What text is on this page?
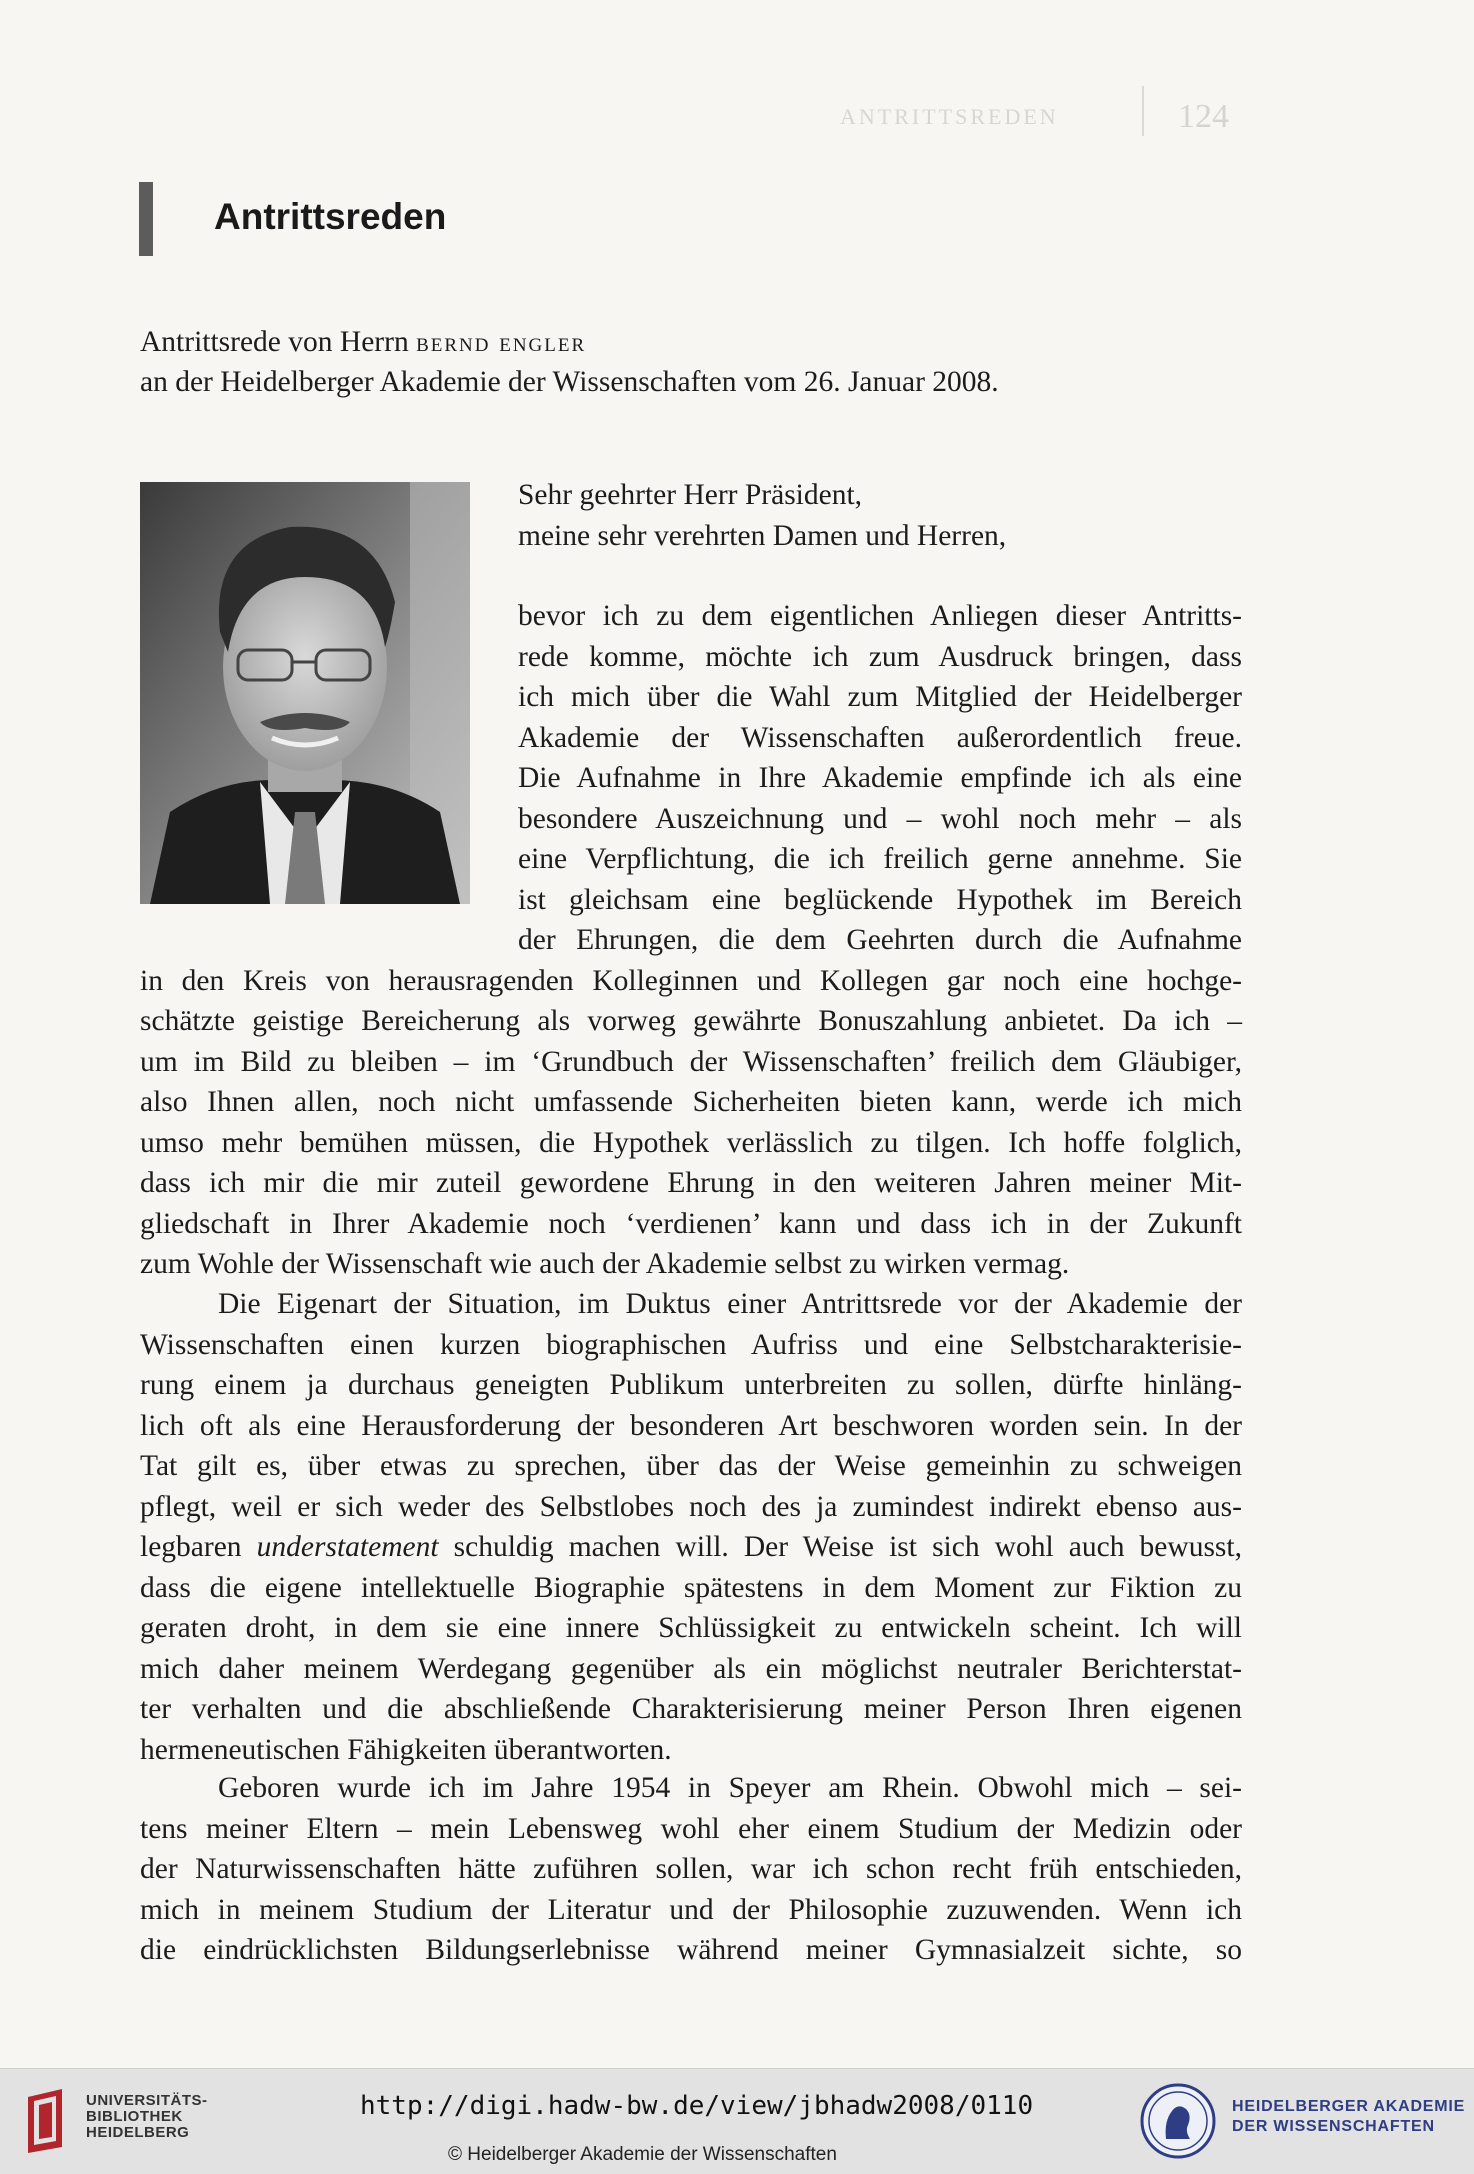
ANTRITTSREDEN	124
Antrittsreden
Antrittsrede von Herrn bernd engler
an der Heidelberger Akademie der Wissenschaften vom 26. Januar 2008.
Sehr geehrter Herr Präsident,
meine sehr verehrten Damen und Herren,
bevor ich zu dem eigentlichen Anliegen dieser Antritts-
rede komme, möchte ich zum Ausdruck bringen, dass
ich mich über die Wahl zum Mitglied der Heidelberger
Akademie der Wissenschaften außerordentlich freue.
Die Aufnahme in Ihre Akademie empfinde ich als eine
besondere Auszeichnung und – wohl noch mehr – als
eine Verpflichtung, die ich freilich gerne annehme. Sie
ist gleichsam eine beglückende Hypothek im Bereich
der Ehrungen, die dem Geehrten durch die Aufnahme
in den Kreis von herausragenden Kolleginnen und Kollegen gar noch eine hochge-
schätzte geistige Bereicherung als vorweg gewährte Bonuszahlung anbietet. Da ich –
um im Bild zu bleiben – im ‘Grundbuch der Wissenschaften’ freilich dem Gläubiger,
also Ihnen allen, noch nicht umfassende Sicherheiten bieten kann, werde ich mich
umso mehr bemühen müssen, die Hypothek verlässlich zu tilgen. Ich hoffe folglich,
dass ich mir die mir zuteil gewordene Ehrung in den weiteren Jahren meiner Mit-
gliedschaft in Ihrer Akademie noch ‘verdienen’ kann und dass ich in der Zukunft
zum Wohle der Wissenschaft wie auch der Akademie selbst zu wirken vermag.
Die Eigenart der Situation, im Duktus einer Antrittsrede vor der Akademie der
Wissenschaften einen kurzen biographischen Aufriss und eine Selbstcharakterisie-
rung einem ja durchaus geneigten Publikum unterbreiten zu sollen, dürfte hinläng-
lich oft als eine Herausforderung der besonderen Art beschworen worden sein. In der
Tat gilt es, über etwas zu sprechen, über das der Weise gemeinhin zu schweigen
pflegt, weil er sich weder des Selbstlobes noch des ja zumindest indirekt ebenso aus-
legbaren understatement schuldig machen will. Der Weise ist sich wohl auch bewusst,
dass die eigene intellektuelle Biographie spätestens in dem Moment zur Fiktion zu
geraten droht, in dem sie eine innere Schlüssigkeit zu entwickeln scheint. Ich will
mich daher meinem Werdegang gegenüber als ein möglichst neutraler Berichterstat-
ter verhalten und die abschließende Charakterisierung meiner Person Ihren eigenen
hermeneutischen Fähigkeiten überantworten.
Geboren wurde ich im Jahre 1954 in Speyer am Rhein. Obwohl mich – sei-
tens meiner Eltern – mein Lebensweg wohl eher einem Studium der Medizin oder
der Naturwissenschaften hätte zuführen sollen, war ich schon recht früh entschieden,
mich in meinem Studium der Literatur und der Philosophie zuzuwenden. Wenn ich
die eindrücklichsten Bildungserlebnisse während meiner Gymnasialzeit sichte, so
UNIVERSITÄTS-
BIBLIOTHEK
HEIDELBERG
http://digi.hadw-bw.de/view/jbhadw2008/0110
© Heidelberger Akademie der Wissenschaften
HEIDELBERGER AKADEMIE
DER WISSENSCHAFTEN
